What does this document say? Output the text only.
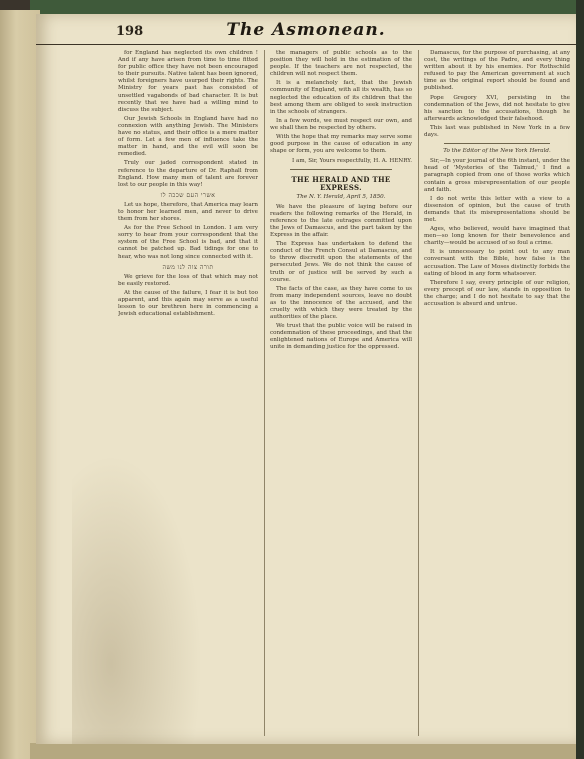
198	The Asmonean.

for England has neglected its own children ! And if any have arisen from time to time fitted for public office they have not been encouraged to their pursuits. Native talent has been ignored, whilst foreigners have usurped their rights. The Ministry for years past has consisted of unsettled vagabonds of bad character. It is but recently that we have had a willing mind to discuss the subject.

Our Jewish Schools in England have had no connexion with anything Jewish. The Ministers have no status, and their office is a mere matter of form. Let a few men of influence take the matter in hand, and the evil will soon be remedied.

Truly our jaded correspondent stated in reference to the departure of Dr. Raphall from England. How many men of talent are forever lost to our people in this way!

אשרי העם שככה לו

Let us hope, therefore, that America may learn to honor her learned men, and never to drive them from her shores.

As for the Free School in London. I am very sorry to hear from your correspondent that the system of the Free School is bad, and that it cannot be patched up. Bad tidings for one to hear, who was not long since connected with it.

תורה צוה לנו משה

We grieve for the loss of that which may not be easily restored.

At the cause of the failure, I fear it is but too apparent, and this again may serve as a useful lesson to our brethren here in commencing a Jewish educational establishment.

the managers of public schools as to the position they will hold in the estimation of the people. If the teachers are not respected, the children will not respect them.

It is a melancholy fact, that the Jewish community of England, with all its wealth, has so neglected the education of its children that the best among them are obliged to seek instruction in the schools of strangers.

In a few words, we must respect our own, and we shall then be respected by others.

With the hope that my remarks may serve some good purpose in the cause of education in any shape or form, you are welcome to them.

I am, Sir, Yours respectfully, H. A. HENRY.
THE HERALD AND THE EXPRESS.
The N. Y. Herald, April 5, 1850.

We have the pleasure of laying before our readers the following remarks of the Herald, in reference to the late outrages committed upon the Jews of Damascus, and the part taken by the Express in the affair.

The Express has undertaken to defend the conduct of the French Consul at Damascus, and to throw discredit upon the statements of the persecuted Jews. We do not think the cause of truth or of justice will be served by such a course.

The facts of the case, as they have come to us from many independent sources, leave no doubt as to the innocence of the accused, and the cruelty with which they were treated by the authorities of the place.

We trust that the public voice will be raised in condemnation of these proceedings, and that the enlightened nations of Europe and America will unite in demanding justice for the oppressed.

Damascus, for the purpose of purchasing, at any cost, the writings of the Padre, and every thing written about it by his enemies. For Rothschild refused to pay the American government at such time as the original report should be found and published.

Pope Gregory XVI, persisting in the condemnation of the Jews, did not hesitate to give his sanction to the accusations, though he afterwards acknowledged their falsehood.

This last was published in New York in a few days.

To the Editor of the New York Herald.

Sir,—In your journal of the 6th instant, under the head of 'Mysteries of the Talmud,' I find a paragraph copied from one of those works which contain a gross misrepresentation of our people and faith.

I do not write this letter with a view to a dissension of opinion, but the cause of truth demands that its misrepresentations should be met.

Ages, who believed, would have imagined that men—so long known for their benevolence and charity—would be accused of so foul a crime.

It is unnecessary to point out to any man conversant with the Bible, how false is the accusation. The Law of Moses distinctly forbids the eating of blood in any form whatsoever.

Therefore I say, every principle of our religion, every precept of our law, stands in opposition to the charge; and I do not hesitate to say that the accusation is absurd and untrue.
